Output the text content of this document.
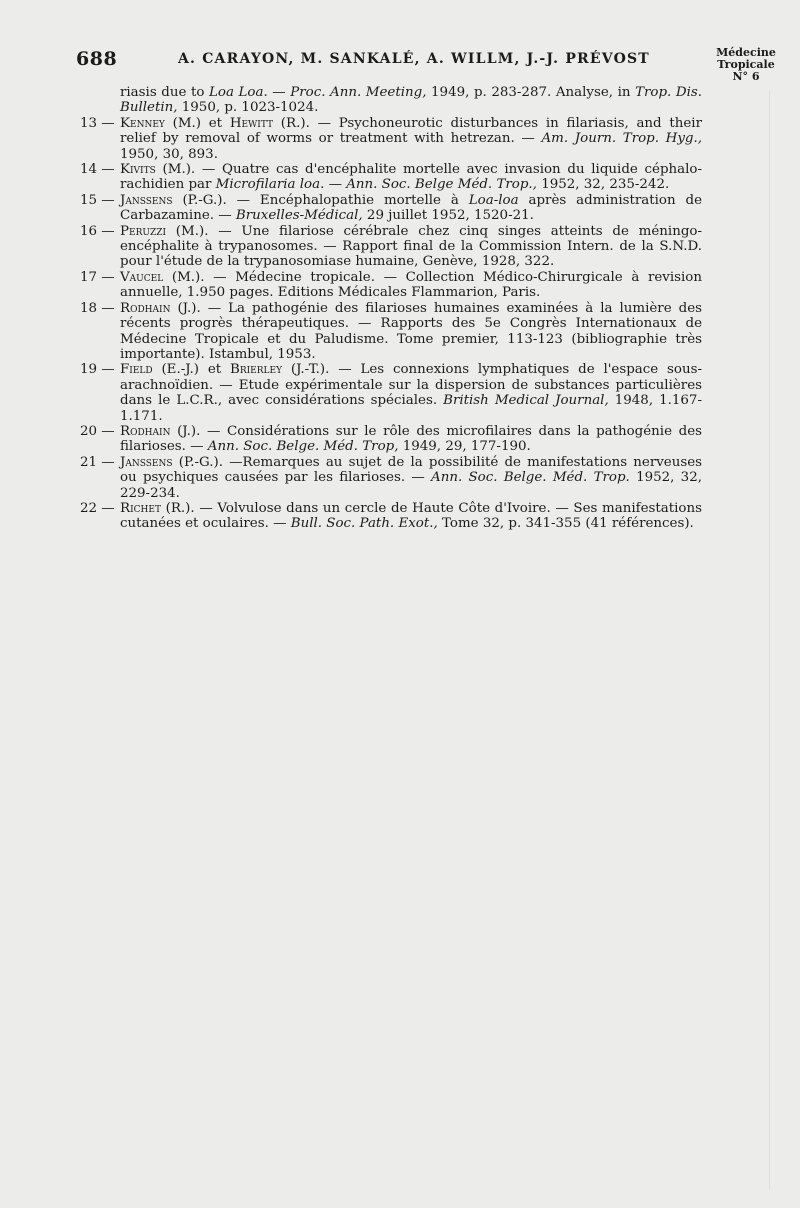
688	A. CARAYON, M. SANKALÉ, A. WILLM, J.-J. PRÉVOST	Médecine
Tropicale
N° 6
riasis due to Loa Loa. — Proc. Ann. Meeting, 1949, p. 283-287. Analyse, in Trop. Dis. Bulletin, 1950, p. 1023-1024.
13 — Kenney (M.) et Hewitt (R.). — Psychoneurotic disturbances in filariasis, and their relief by removal of worms or treatment with hetrezan. — Am. Journ. Trop. Hyg., 1950, 30, 893.
14 — Kivits (M.). — Quatre cas d'encéphalite mortelle avec invasion du liquide céphalo-rachidien par Microfilaria loa. — Ann. Soc. Belge Méd. Trop., 1952, 32, 235-242.
15 — Janssens (P.-G.). — Encéphalopathie mortelle à Loa-loa après administration de Carbazamine. — Bruxelles-Médical, 29 juillet 1952, 1520-21.
16 — Peruzzi (M.). — Une filariose cérébrale chez cinq singes atteints de méningo-encéphalite à trypanosomes. — Rapport final de la Commission Intern. de la S.N.D. pour l'étude de la trypanosomiase humaine, Genève, 1928, 322.
17 — Vaucel (M.). — Médecine tropicale. — Collection Médico-Chirurgicale à revision annuelle, 1.950 pages. Editions Médicales Flammarion, Paris.
18 — Rodhain (J.). — La pathogénie des filarioses humaines examinées à la lumière des récents progrès thérapeutiques. — Rapports des 5e Congrès Internationaux de Médecine Tropicale et du Paludisme. Tome premier, 113-123 (bibliographie très importante). Istambul, 1953.
19 — Field (E.-J.) et Brierley (J.-T.). — Les connexions lymphatiques de l'espace sous-arachnoïdien. — Etude expérimentale sur la dispersion de substances particulières dans le L.C.R., avec considérations spéciales. British Medical Journal, 1948, 1.167-1.171.
20 — Rodhain (J.). — Considérations sur le rôle des microfilaires dans la pathogénie des filarioses. — Ann. Soc. Belge. Méd. Trop, 1949, 29, 177-190.
21 — Janssens (P.-G.). —Remarques au sujet de la possibilité de manifestations nerveuses ou psychiques causées par les filarioses. — Ann. Soc. Belge. Méd. Trop. 1952, 32, 229-234.
22 — Richet (R.). — Volvulose dans un cercle de Haute Côte d'Ivoire. — Ses manifestations cutanées et oculaires. — Bull. Soc. Path. Exot., Tome 32, p. 341-355 (41 références).
